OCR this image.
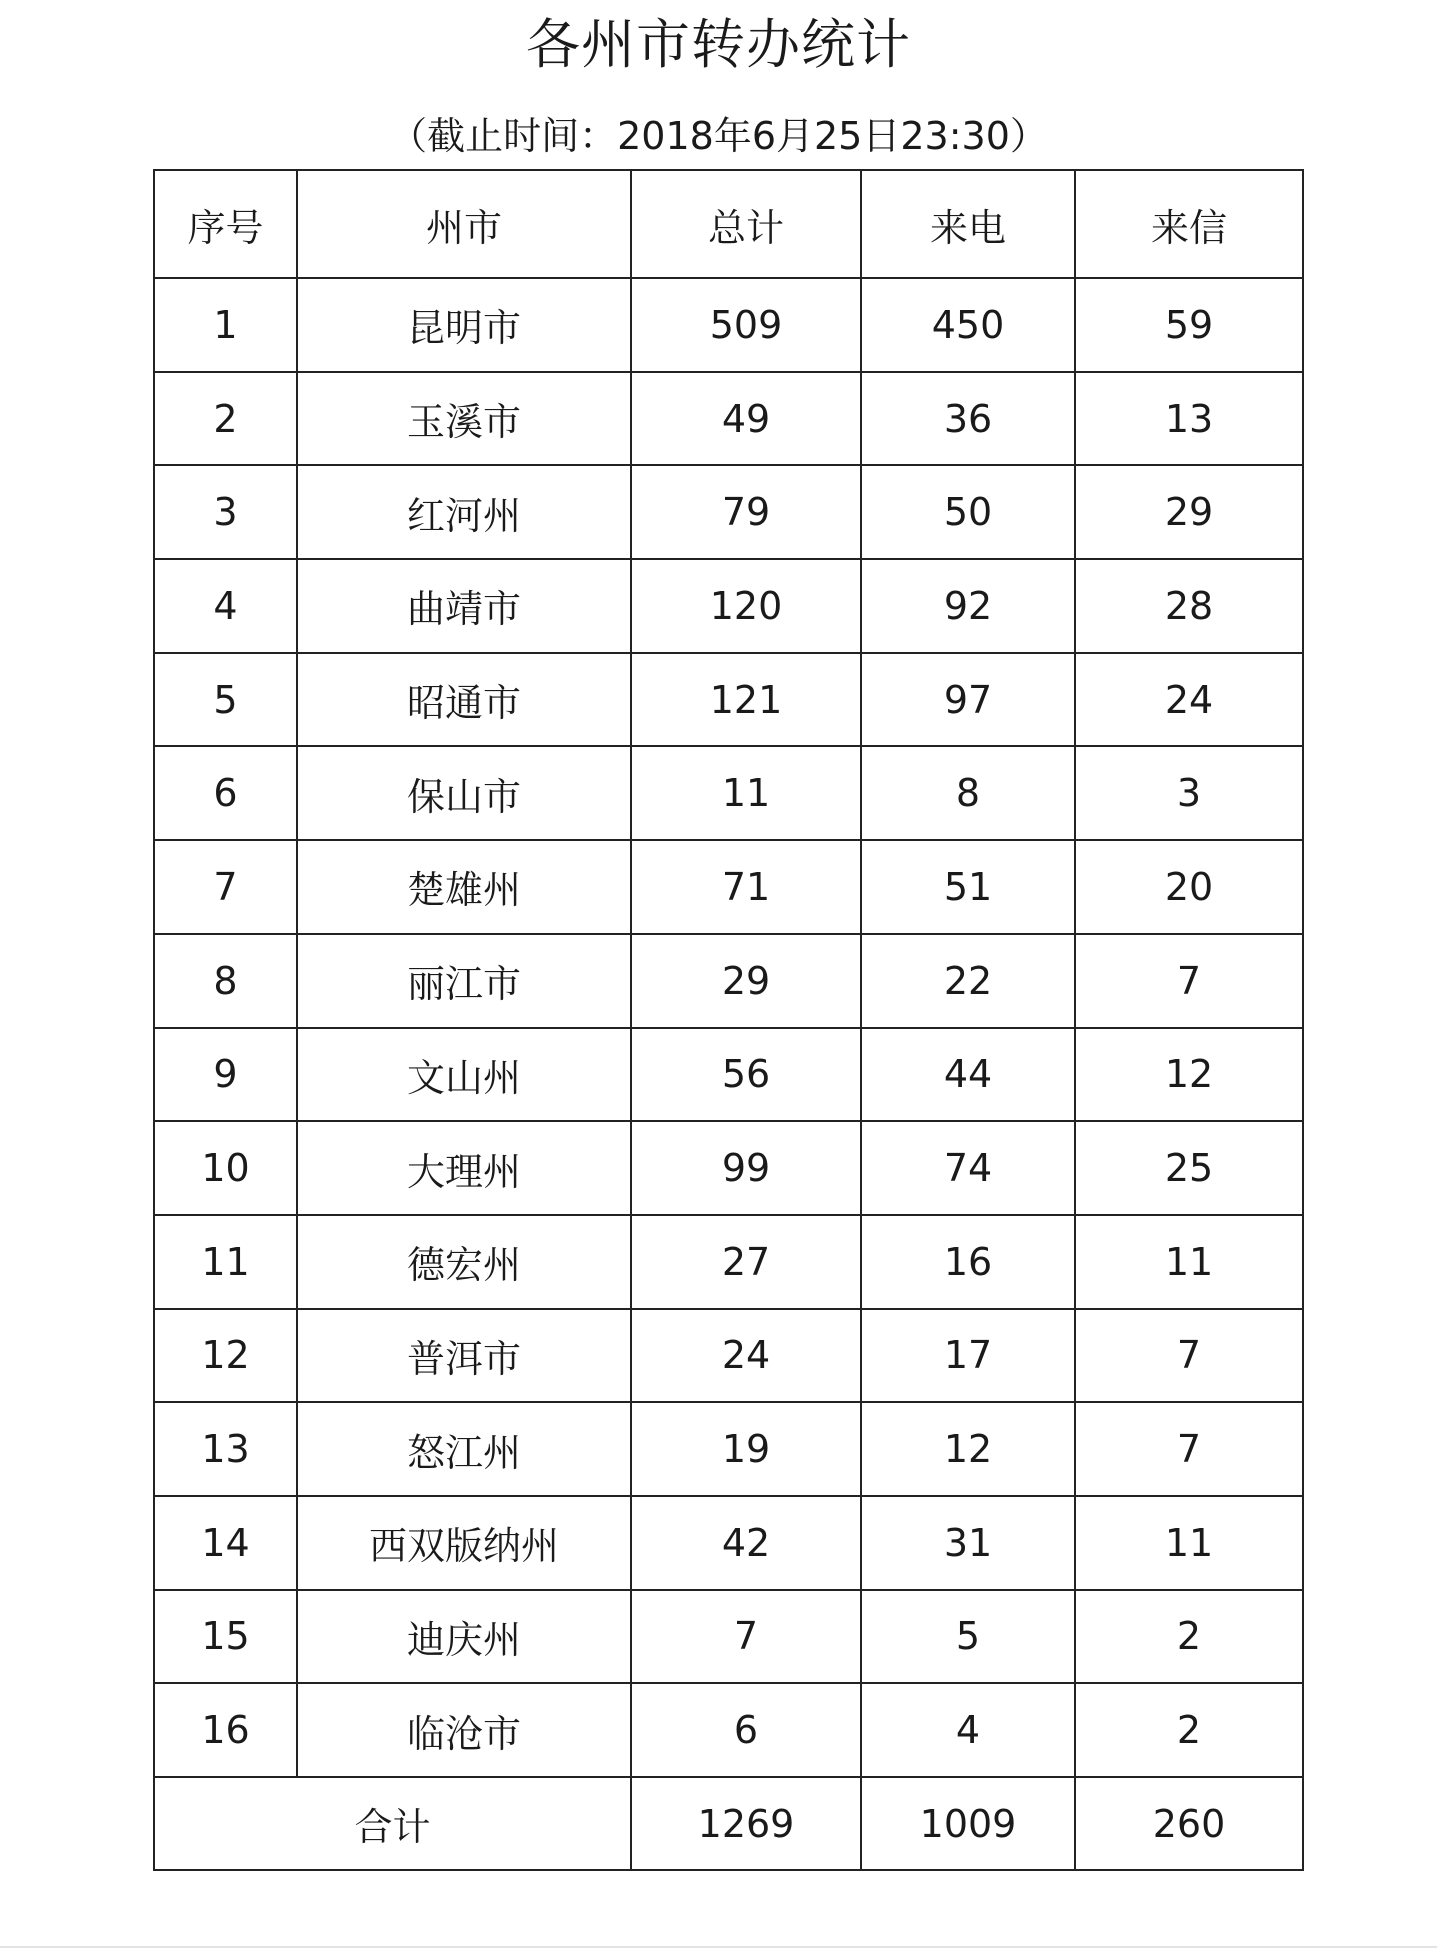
各州市转办统计
（截止时间：2018年6月25日23:30）
序号	州市	总计	来电	来信
1	昆明市	509	450	59
2	玉溪市	49	36	13
3	红河州	79	50	29
4	曲靖市	120	92	28
5	昭通市	121	97	24
6	保山市	11	8	3
7	楚雄州	71	51	20
8	丽江市	29	22	7
9	文山州	56	44	12
10	大理州	99	74	25
11	德宏州	27	16	11
12	普洱市	24	17	7
13	怒江州	19	12	7
14	西双版纳州	42	31	11
15	迪庆州	7	5	2
16	临沧市	6	4	2
合计		1269	1009	260
